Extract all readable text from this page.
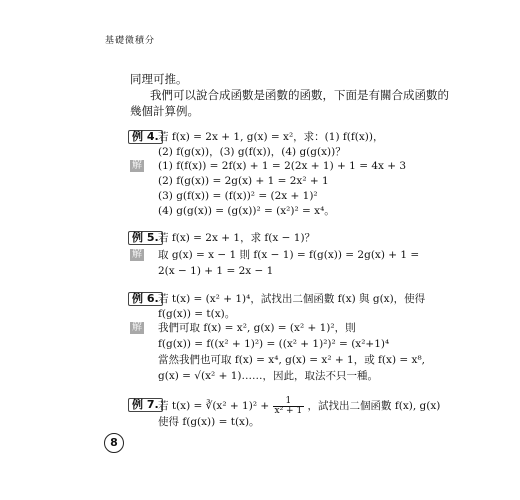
基礎微積分
同理可推。
我們可以說合成函數是函數的函數，下面是有關合成函數的
幾個計算例。
例 4. 若 f(x) = 2x + 1, g(x) = x²，求：(1) f(f(x))，
(2) f(g(x))，(3) g(f(x))，(4) g(g(x))？
解 (1) f(f(x)) = 2f(x) + 1 = 2(2x + 1) + 1 = 4x + 3
(2) f(g(x)) = 2g(x) + 1 = 2x² + 1
(3) g(f(x)) = (f(x))² = (2x + 1)²
(4) g(g(x)) = (g(x))² = (x²)² = x⁴。
例 5. 若 f(x) = 2x + 1，求 f(x − 1)？
解 取 g(x) = x − 1 則 f(x − 1) = f(g(x)) = 2g(x) + 1 =
2(x − 1) + 1 = 2x − 1
例 6. 若 t(x) = (x² + 1)⁴，試找出二個函數 f(x) 與 g(x)，使得
f(g(x)) = t(x)。
解 我們可取 f(x) = x², g(x) = (x² + 1)²，則
f(g(x)) = f((x² + 1)²) = ((x² + 1)²)² = (x²+1)⁴
當然我們也可取 f(x) = x⁴, g(x) = x² + 1，或 f(x) = x⁸,
g(x) = √(x² + 1)……，因此，取法不只一種。
例 7. 若 t(x) = ∛(x² + $1)^2 + \frac{1}{\text{x² + 1}}$ ，試找出二個函數 f(x), g(x)
使得 f(g(x)) = t(x)。
8
